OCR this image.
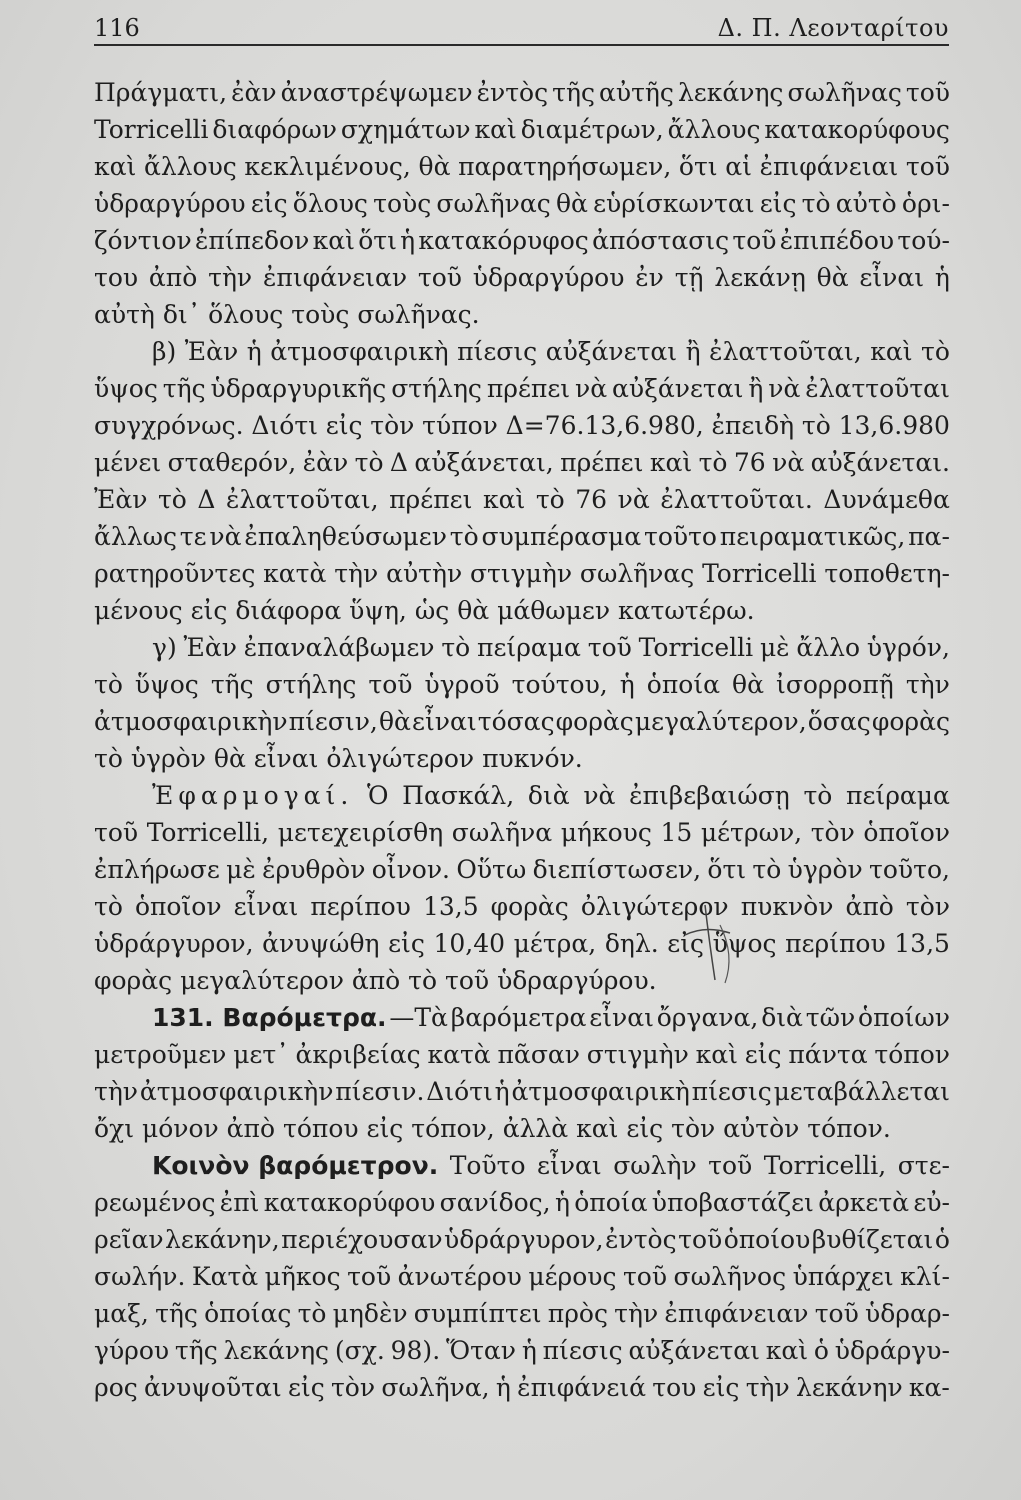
116	Δ. Π. Λεονταρίτου
Πράγματι, ἐὰν ἀναστρέψωμεν ἐντὸς τῆς αὐτῆς λεκάνης σωλῆνας τοῦ
Torricelli διαφόρων σχημάτων καὶ διαμέτρων, ἄλλους κατακορύφους
καὶ ἄλλους κεκλιμένους, θὰ παρατηρήσωμεν, ὅτι αἱ ἐπιφάνειαι τοῦ
ὑδραργύρου εἰς ὅλους τοὺς σωλῆνας θὰ εὑρίσκωνται εἰς τὸ αὐτὸ ὁρι-
ζόντιον ἐπίπεδον καὶ ὅτι ἡ κατακόρυφος ἀπόστασις τοῦ ἐπιπέδου τού-
του ἀπὸ τὴν ἐπιφάνειαν τοῦ ὑδραργύρου ἐν τῇ λεκάνῃ θὰ εἶναι ἡ
αὐτὴ
δι᾽
ὅλους
τοὺς
σωλῆνας.
β) Ἐὰν ἡ ἀτμοσφαιρικὴ πίεσις αὐξάνεται ἢ ἐλαττοῦται, καὶ τὸ
ὕψος τῆς ὑδραργυρικῆς στήλης πρέπει νὰ αὐξάνεται ἢ νὰ ἐλαττοῦται
συγχρόνως. Διότι εἰς τὸν τύπον Δ=76.13,6.980, ἐπειδὴ τὸ 13,6.980
μένει σταθερόν, ἐὰν τὸ Δ αὐξάνεται, πρέπει καὶ τὸ 76 νὰ αὐξάνεται.
Ἐὰν τὸ Δ ἐλαττοῦται, πρέπει καὶ τὸ 76 νὰ ἐλαττοῦται. Δυνάμεθα
ἄλλως τε νὰ ἐπαληθεύσωμεν τὸ συμπέρασμα τοῦτο πειραματικῶς, πα-
ρατηροῦντες κατὰ τὴν αὐτὴν στιγμὴν σωλῆνας Torricelli τοποθετη-
μένους
εἰς
διάφορα
ὕψη,
ὡς
θὰ
μάθωμεν
κατωτέρω.
γ) Ἐὰν ἐπαναλάβωμεν τὸ πείραμα τοῦ Torricelli μὲ ἄλλο ὑγρόν,
τὸ ὕψος τῆς στήλης τοῦ ὑγροῦ τούτου, ἡ ὁποία θὰ ἰσορροπῇ τὴν
ἀτμοσφαιρικὴν πίεσιν, θὰ εἶναι τόσας φορὰς μεγαλύτερον, ὅσας φορὰς
τὸ
ὑγρὸν
θὰ
εἶναι
ὀλιγώτερον
πυκνόν.
Ἐφαρμογαί. Ὁ Πασκάλ, διὰ νὰ ἐπιβεβαιώσῃ τὸ πείραμα
τοῦ Torricelli, μετεχειρίσθη σωλῆνα μήκους 15 μέτρων, τὸν ὁποῖον
ἐπλήρωσε μὲ ἐρυθρὸν οἶνον. Οὕτω διεπίστωσεν, ὅτι τὸ ὑγρὸν τοῦτο,
τὸ ὁποῖον εἶναι περίπου 13,5 φορὰς ὀλιγώτερον πυκνὸν ἀπὸ τὸν
ὑδράργυρον, ἀνυψώθη εἰς 10,40 μέτρα, δηλ. εἰς ὕψος περίπου 13,5
φορὰς
μεγαλύτερον
ἀπὸ
τὸ
τοῦ
ὑδραργύρου.
131. Βαρόμετρα. —Τὰ βαρόμετρα εἶναι ὄργανα, διὰ τῶν ὁποίων
μετροῦμεν μετ᾽ ἀκριβείας κατὰ πᾶσαν στιγμὴν καὶ εἰς πάντα τόπον
τὴν ἀτμοσφαιρικὴν πίεσιν. Διότι ἡ ἀτμοσφαιρικὴ πίεσις μεταβάλλεται
ὄχι
μόνον
ἀπὸ
τόπου
εἰς
τόπον,
ἀλλὰ
καὶ
εἰς
τὸν
αὐτὸν
τόπον.
Κοινὸν βαρόμετρον. Τοῦτο εἶναι σωλὴν τοῦ Torricelli, στε-
ρεωμένος ἐπὶ κατακορύφου σανίδος, ἡ ὁποία ὑποβαστάζει ἀρκετὰ εὐ-
ρεῖαν λεκάνην, περιέχουσαν ὑδράργυρον, ἐντὸς τοῦ ὁποίου βυθίζεται ὁ
σωλήν. Κατὰ μῆκος τοῦ ἀνωτέρου μέρους τοῦ σωλῆνος ὑπάρχει κλί-
μαξ, τῆς ὁποίας τὸ μηδὲν συμπίπτει πρὸς τὴν ἐπιφάνειαν τοῦ ὑδραρ-
γύρου τῆς λεκάνης (σχ. 98). Ὅταν ἡ πίεσις αὐξάνεται καὶ ὁ ὑδράργυ-
ρος ἀνυψοῦται εἰς τὸν σωλῆνα, ἡ ἐπιφάνειά του εἰς τὴν λεκάνην κα-
